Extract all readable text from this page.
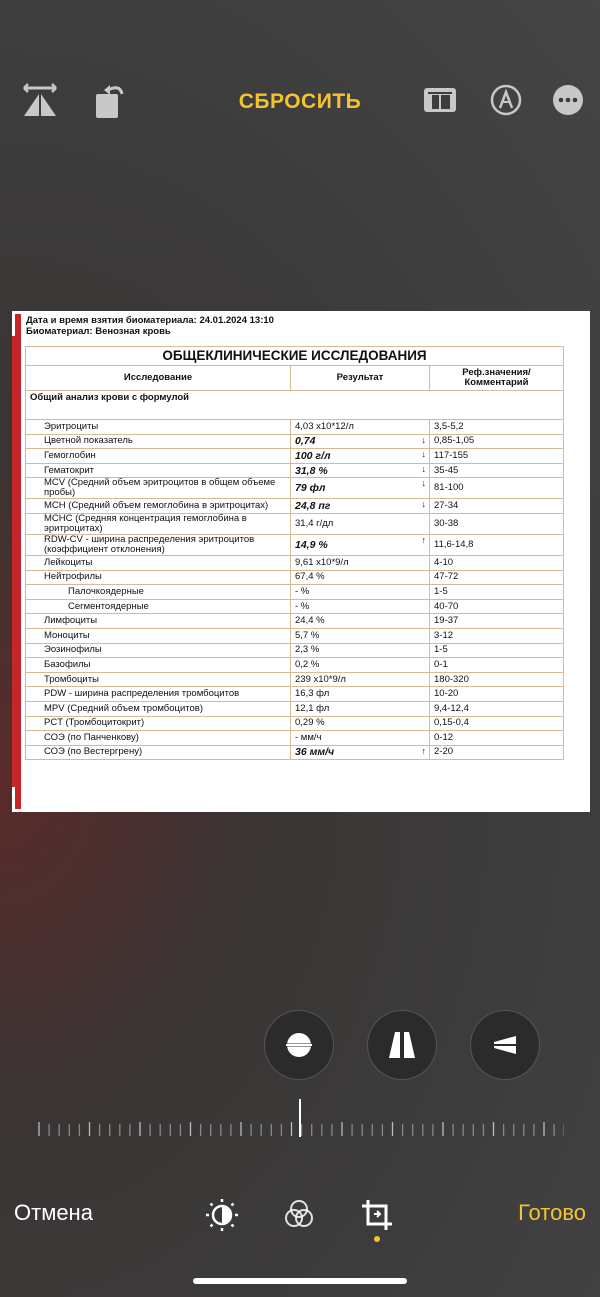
СБРОСИТЬ
Дата и время взятия биоматериала: 24.01.2024 13:10
Биоматериал: Венозная кровь
ОБЩЕКЛИНИЧЕСКИЕ ИССЛЕДОВАНИЯ		
Исследование	Результат	Реф.значения/ Комментарий
Общий анализ крови с формулой		
Эритроциты	4,03 x10*12/л	3,5-5,2
Цветной показатель	0,74 ↓	0,85-1,05
Гемоглобин	100 г/л ↓	117-155
Гематокрит	31,8 % ↓	35-45
MCV (Средний объем эритроцитов в общем объеме пробы)	79 фл ↓	81-100
MCH (Средний объем гемоглобина в эритроцитах)	24,8 пг ↓	27-34
MCHC (Средняя концентрация гемоглобина в эритроцитах)	31,4 г/дл	30-38
RDW-CV - ширина распределения эритроцитов (коэффициент отклонения)	14,9 % ↑	11,6-14,8
Лейкоциты	9,61 x10*9/л	4-10
Нейтрофилы	67,4 %	47-72
Палочкоядерные	- %	1-5
Сегментоядерные	- %	40-70
Лимфоциты	24,4 %	19-37
Моноциты	5,7 %	3-12
Эозинофилы	2,3 %	1-5
Базофилы	0,2 %	0-1
Тромбоциты	239 x10*9/л	180-320
PDW - ширина распределения тромбоцитов	16,3 фл	10-20
MPV (Средний объем тромбоцитов)	12,1 фл	9,4-12,4
PCT (Тромбоцитокрит)	0,29 %	0,15-0,4
СОЭ (по Панченкову)	- мм/ч	0-12
СОЭ (по Вестергрену)	36 мм/ч ↑	2-20
Отмена	Готово
